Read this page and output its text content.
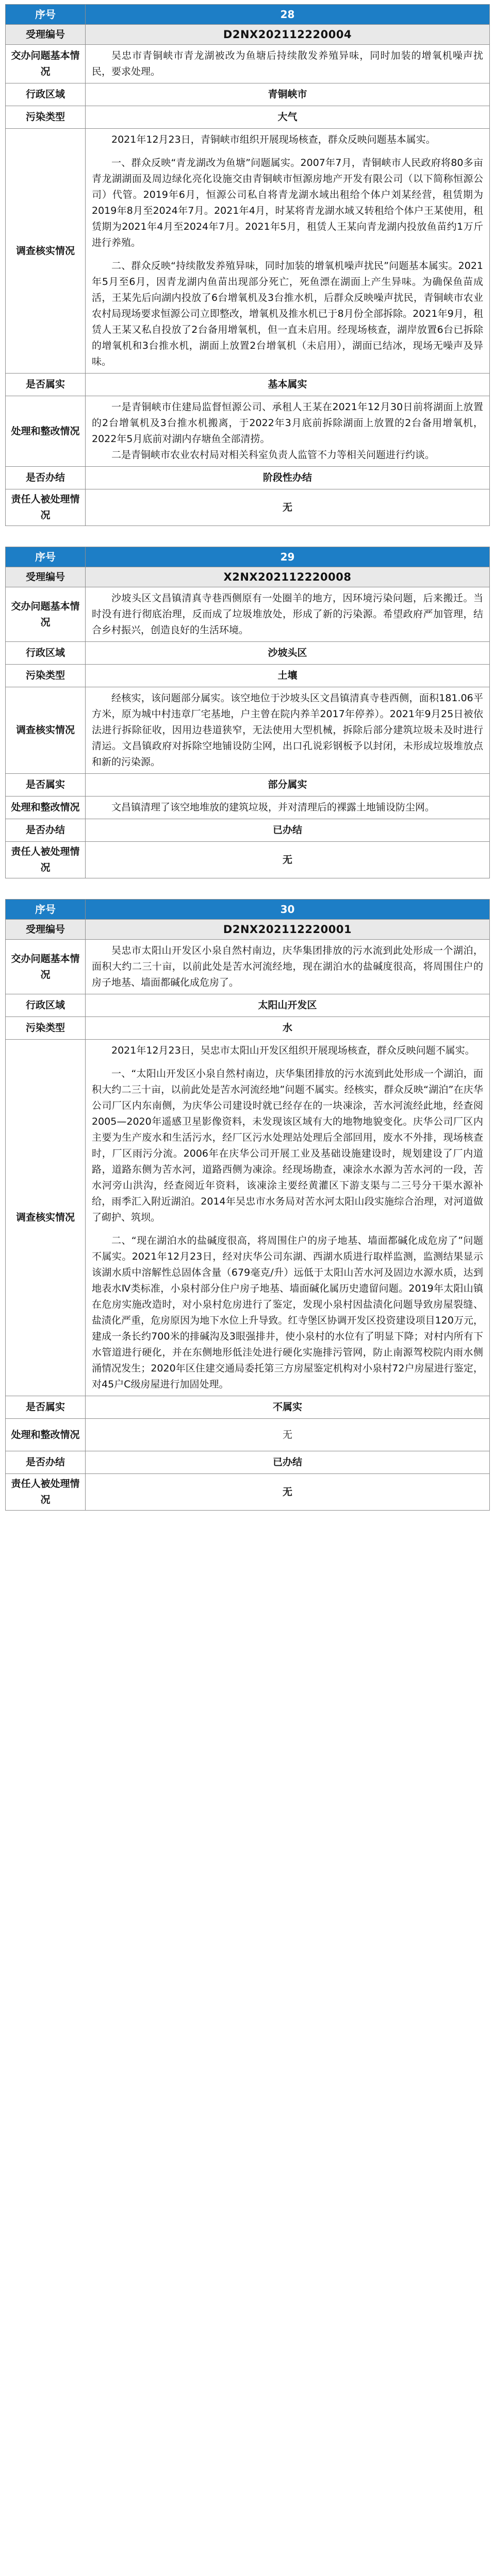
序号	28
受理编号	D2NX202112220004
交办问题基本情况	吴忠市青铜峡市青龙湖被改为鱼塘后持续散发养殖异味，同时加装的增氧机噪声扰民，要求处理。

行政区域	青铜峡市
污染类型	大气
调查核实情况	2021年12月23日，青铜峡市组织开展现场核查，群众反映问题基本属实。

一、群众反映“青龙湖改为鱼塘”问题属实。2007年7月，青铜峡市人民政府将80多亩青龙湖湖面及周边绿化亮化设施交由青铜峡市恒源房地产开发有限公司（以下简称恒源公司）代管。2019年6月，恒源公司私自将青龙湖水域出租给个体户刘某经营，租赁期为2019年8月至2024年7月。2021年4月，时某将青龙湖水域又转租给个体户王某使用，租赁期为2021年4月至2024年7月。2021年5月，租赁人王某向青龙湖内投放鱼苗约1万斤进行养殖。

二、群众反映“持续散发养殖异味，同时加装的增氧机噪声扰民”问题基本属实。2021年5月至6月，因青龙湖内鱼苗出现部分死亡，死鱼漂在湖面上产生异味。为确保鱼苗成活，王某先后向湖内投放了6台增氧机及3台推水机，后群众反映噪声扰民，青铜峡市农业农村局现场要求恒源公司立即整改，增氧机及推水机已于8月份全部拆除。2021年9月，租赁人王某又私自投放了2台备用增氧机，但一直未启用。经现场核查，湖岸放置6台已拆除的增氧机和3台推水机，湖面上放置2台增氧机（未启用），湖面已结冰，现场无噪声及异味。

是否属实	基本属实
处理和整改情况	一是青铜峡市住建局监督恒源公司、承租人王某在2021年12月30日前将湖面上放置的2台增氧机及3台推水机搬离，于2022年3月底前拆除湖面上放置的2台备用增氧机，2022年5月底前对湖内存塘鱼全部清捞。

二是青铜峡市农业农村局对相关科室负责人监管不力等相关问题进行约谈。

是否办结	阶段性办结
责任人被处理情况	无
序号	29
受理编号	X2NX202112220008
交办问题基本情况	沙坡头区文昌镇清真寺巷西侧原有一处圈羊的地方，因环境污染问题，后来搬迁。当时没有进行彻底治理，反而成了垃圾堆放处，形成了新的污染源。希望政府严加管理，结合乡村振兴，创造良好的生活环境。

行政区域	沙坡头区
污染类型	土壤
调查核实情况	经核实，该问题部分属实。该空地位于沙坡头区文昌镇清真寺巷西侧，面积181.06平方米，原为城中村违章厂宅基地，户主曾在院内养羊2017年停养）。2021年9月25日被依法进行拆除征收，因用边巷道狭窄，无法使用大型机械，拆除后部分建筑垃圾未及时进行清运。文昌镇政府对拆除空地铺设防尘网，出口孔说彩钢板予以封闭，未形成垃圾堆放点和新的污染源。

是否属实	部分属实
处理和整改情况	文昌镇清理了该空地堆放的建筑垃圾，并对清理后的裸露土地铺设防尘网。

是否办结	已办结
责任人被处理情况	无
序号	30
受理编号	D2NX202112220001
交办问题基本情况	吴忠市太阳山开发区小泉自然村南边，庆华集团排放的污水流到此处形成一个湖泊，面积大约二三十亩，以前此处是苦水河流经地，现在湖泊水的盐碱度很高，将周围住户的房子地基、墙面都碱化成危房了。

行政区域	太阳山开发区
污染类型	水
调查核实情况	2021年12月23日，吴忠市太阳山开发区组织开展现场核查，群众反映问题不属实。

一、“太阳山开发区小泉自然村南边，庆华集团排放的污水流到此处形成一个湖泊，面积大约二三十亩，以前此处是苦水河流经地”问题不属实。经核实，群众反映“湖泊”在庆华公司厂区内东南侧，为庆华公司建设时就已经存在的一块凍涂，苦水河流经此地，经查阅2005—2020年遥感卫星影像资料，未发现该区域有大的地物地貌变化。庆华公司厂区内主要为生产废水和生活污水，经厂区污水处理站处理后全部回用，废水不外排，现场核查时，厂区雨污分流。2006年在庆华公司开展工业及基础设施建设时，规划建设了厂内道路，道路东侧为苦水河，道路西侧为凍涂。经现场勘查，凍涂水水源为苦水河的一段，苦水河旁山洪沟，经查阅近年资料，该凍涂主要经黄灌区下游支渠与二三号分干渠水源补给，雨季汇入附近湖泊。2014年吴忠市水务局对苦水河太阳山段实施综合治理，对河道做了砌护、筑坝。

二、“现在湖泊水的盐碱度很高，将周围住户的房子地基、墙面都碱化成危房了”问题不属实。2021年12月23日，经对庆华公司东湖、西湖水质进行取样监测，监测结果显示该湖水质中溶解性总固体含量（679毫克/升）远低于太阳山苦水河及固边水源水质，达到地表水Ⅳ类标准，小泉村部分住户房子地基、墙面碱化属历史遗留问题。2019年太阳山镇在危房实施改造时，对小泉村危房进行了鉴定，发现小泉村因盐渍化问题导致房屋裂缝、盐渍化严重，危房原因为地下水位上升导致。红寺堡区协调开发区投资建设项目120万元，建成一条长约700米的排碱沟及3眼强排井，使小泉村的水位有了明显下降；对村内所有下水管道进行硬化，并在东侧地形低洼处进行硬化实施排污管网，防止南源驾校院内雨水侧涌情况发生；2020年区住建交通局委托第三方房屋鉴定机构对小泉村72户房屋进行鉴定，对45户C级房屋进行加固处理。

是否属实	不属实
处理和整改情况	无

是否办结	已办结
责任人被处理情况	无
